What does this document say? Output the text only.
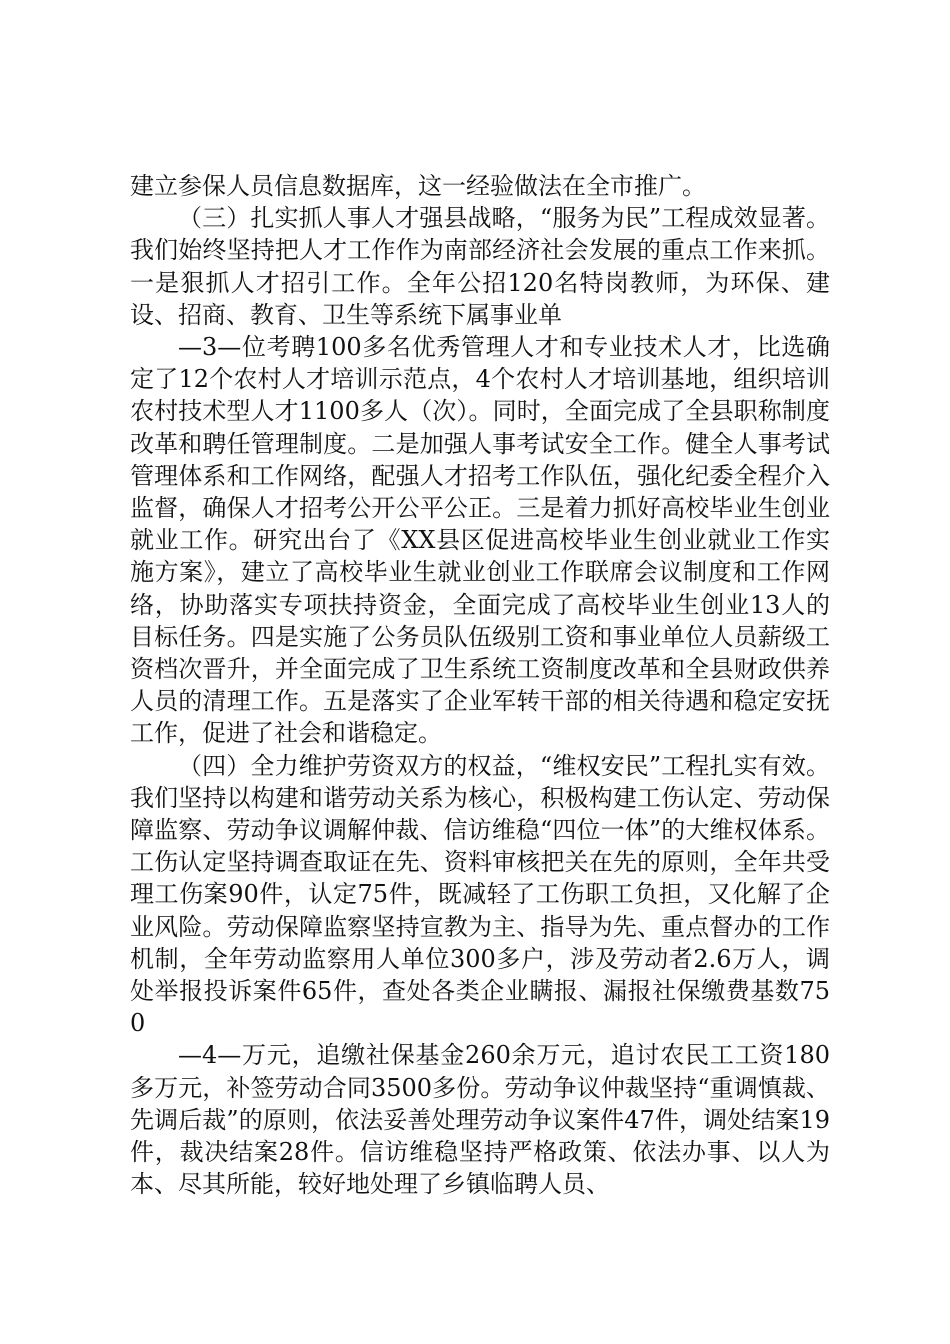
建立参保人员信息数据库，这一经验做法在全市推广。

（三）扎实抓人事人才强县战略，“服务为民”工程成效显著。我们始终坚持把人才工作作为南部经济社会发展的重点工作来抓。一是狠抓人才招引工作。全年公招120名特岗教师，为环保、建设、招商、教育、卫生等系统下属事业单

—3—位考聘100多名优秀管理人才和专业技术人才，比选确定了12个农村人才培训示范点，4个农村人才培训基地，组织培训农村技术型人才1100多人（次）。同时，全面完成了全县职称制度改革和聘任管理制度。二是加强人事考试安全工作。健全人事考试管理体系和工作网络，配强人才招考工作队伍，强化纪委全程介入监督，确保人才招考公开公平公正。三是着力抓好高校毕业生创业就业工作。研究出台了《XX县区促进高校毕业生创业就业工作实施方案》，建立了高校毕业生就业创业工作联席会议制度和工作网络，协助落实专项扶持资金，全面完成了高校毕业生创业13人的目标任务。四是实施了公务员队伍级别工资和事业单位人员薪级工资档次晋升，并全面完成了卫生系统工资制度改革和全县财政供养人员的清理工作。五是落实了企业军转干部的相关待遇和稳定安抚工作，促进了社会和谐稳定。

（四）全力维护劳资双方的权益，“维权安民”工程扎实有效。我们坚持以构建和谐劳动关系为核心，积极构建工伤认定、劳动保障监察、劳动争议调解仲裁、信访维稳“四位一体”的大维权体系。工伤认定坚持调查取证在先、资料审核把关在先的原则，全年共受理工伤案90件，认定75件，既减轻了工伤职工负担，又化解了企业风险。劳动保障监察坚持宣教为主、指导为先、重点督办的工作机制，全年劳动监察用人单位300多户，涉及劳动者2.6万人，调处举报投诉案件65件，查处各类企业瞒报、漏报社保缴费基数750

—4—万元，追缴社保基金260余万元，追讨农民工工资180多万元，补签劳动合同3500多份。劳动争议仲裁坚持“重调慎裁、先调后裁”的原则，依法妥善处理劳动争议案件47件，调处结案19件，裁决结案28件。信访维稳坚持严格政策、依法办事、以人为本、尽其所能，较好地处理了乡镇临聘人员、
